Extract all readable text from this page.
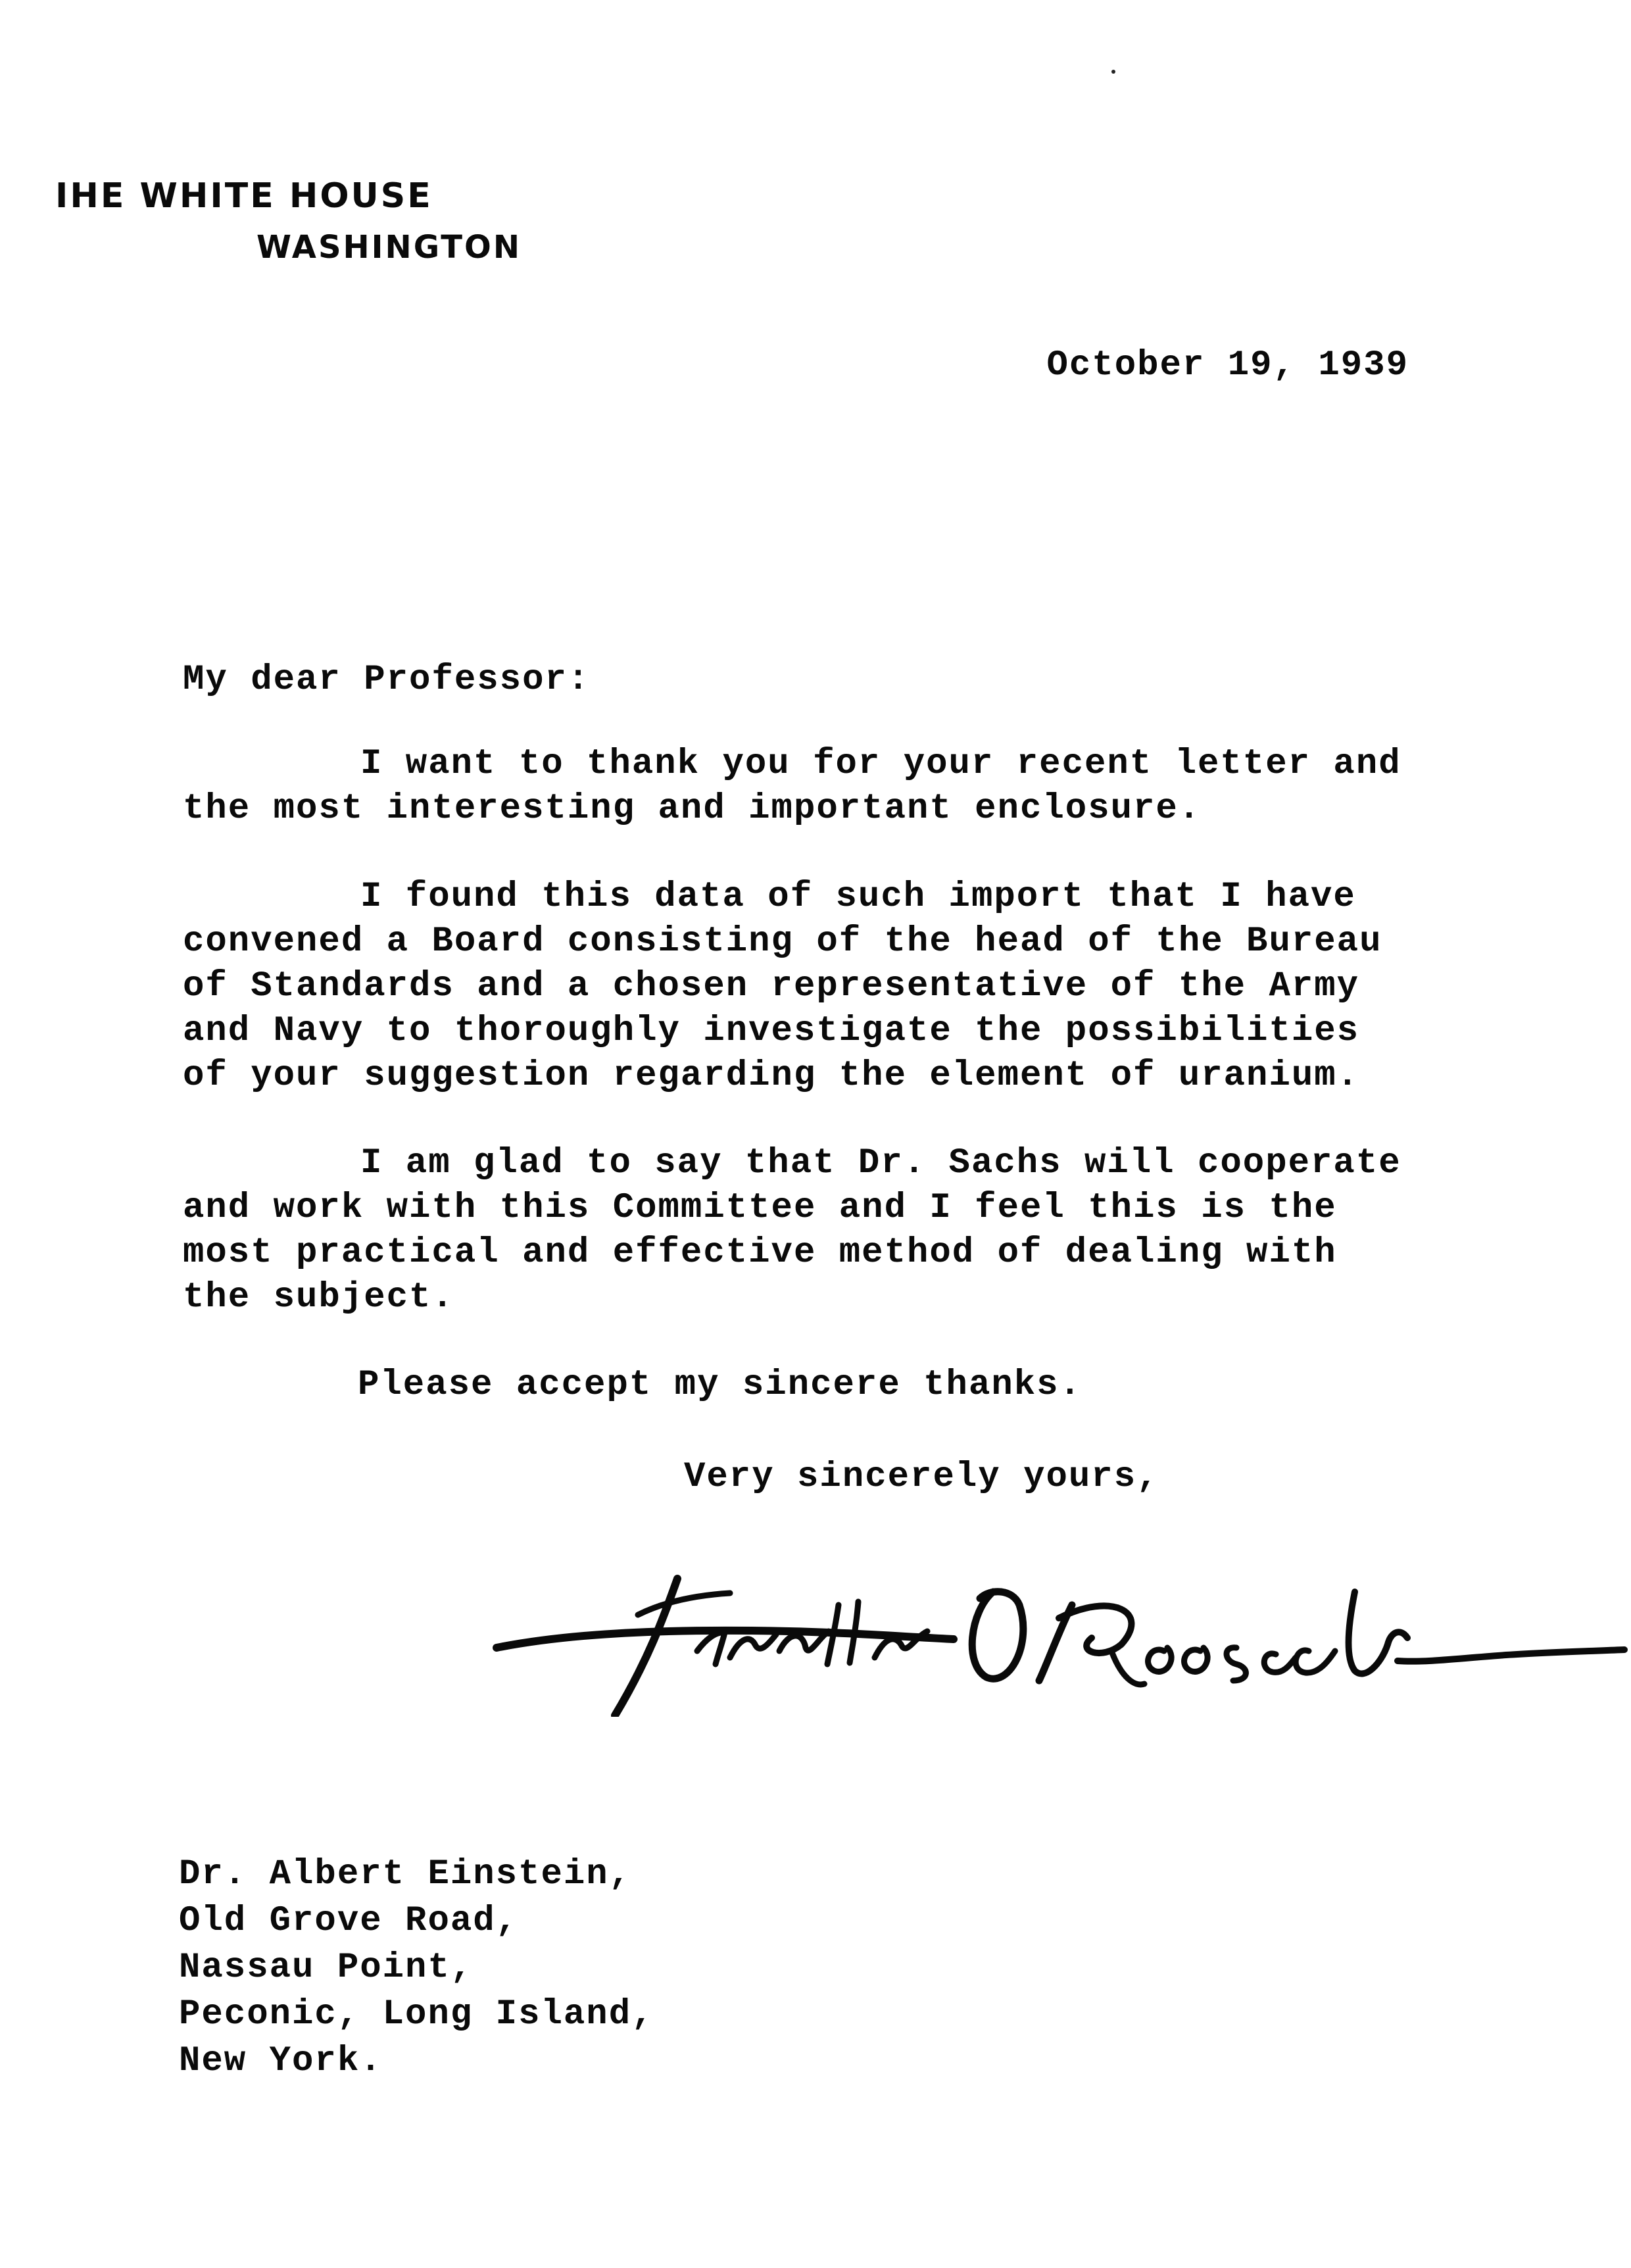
IHE WHITE HOUSE
WASHINGTON
October 19, 1939
My dear Professor:
I want to thank you for your recent letter and
the most interesting and important enclosure.
I found this data of such import that I have
convened a Board consisting of the head of the Bureau
of Standards and a chosen representative of the Army
and Navy to thoroughly investigate the possibilities
of your suggestion regarding the element of uranium.
I am glad to say that Dr. Sachs will cooperate
and work with this Committee and I feel this is the
most practical and effective method of dealing with
the subject.
Please accept my sincere thanks.
Very sincerely yours,
Dr. Albert Einstein,
Old Grove Road,
Nassau Point,
Peconic, Long Island,
New York.
